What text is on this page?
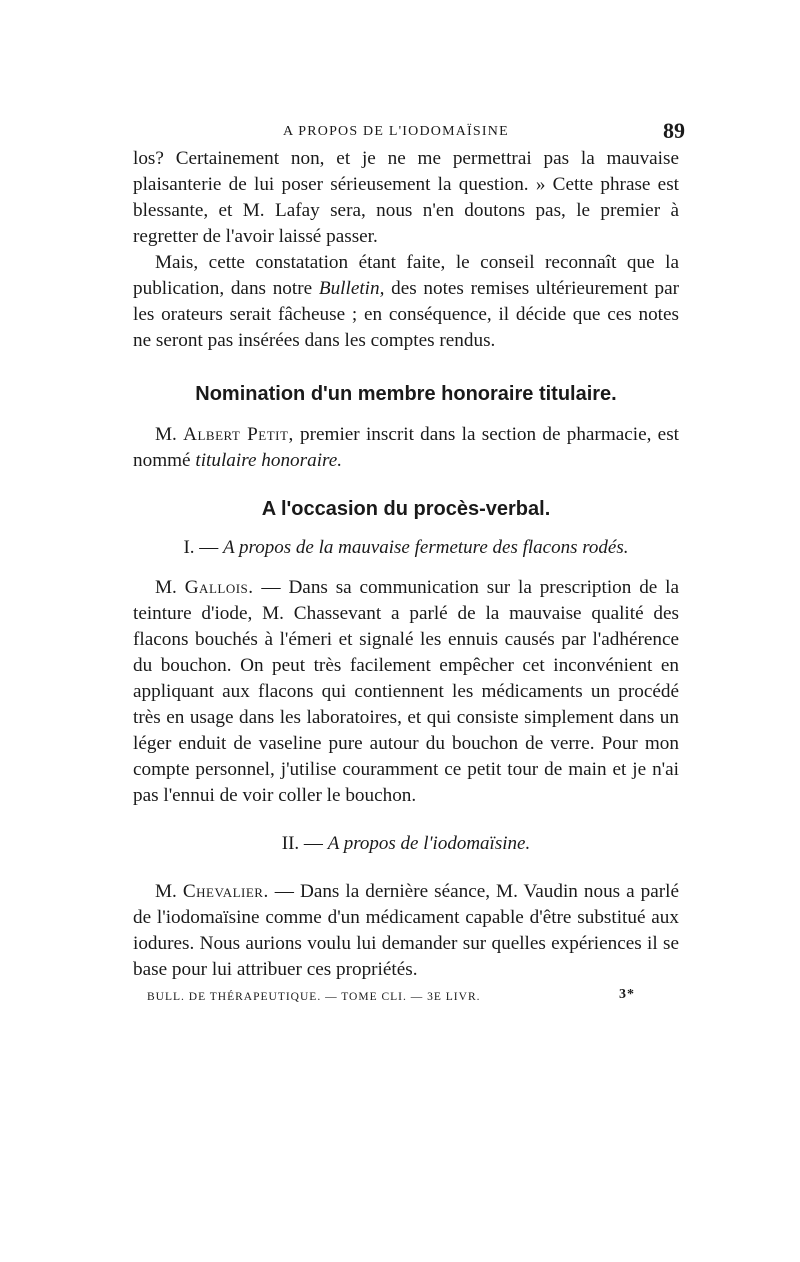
A PROPOS DE L'IODOMAÏSINE	89

los? Certainement non, et je ne me permettrai pas la mauvaise plaisanterie de lui poser sérieusement la question. » Cette phrase est blessante, et M. Lafay sera, nous n'en doutons pas, le premier à regretter de l'avoir laissé passer.

Mais, cette constatation étant faite, le conseil reconnaît que la publication, dans notre Bulletin, des notes remises ultérieurement par les orateurs serait fâcheuse ; en conséquence, il décide que ces notes ne seront pas insérées dans les comptes rendus.

Nomination d'un membre honoraire titulaire.

M. Albert Petit, premier inscrit dans la section de pharmacie, est nommé titulaire honoraire.

A l'occasion du procès-verbal.

I. — A propos de la mauvaise fermeture des flacons rodés.

M. Gallois. — Dans sa communication sur la prescription de la teinture d'iode, M. Chassevant a parlé de la mauvaise qualité des flacons bouchés à l'émeri et signalé les ennuis causés par l'adhérence du bouchon. On peut très facilement empêcher cet inconvénient en appliquant aux flacons qui contiennent les médicaments un procédé très en usage dans les laboratoires, et qui consiste simplement dans un léger enduit de vaseline pure autour du bouchon de verre. Pour mon compte personnel, j'utilise couramment ce petit tour de main et je n'ai pas l'ennui de voir coller le bouchon.

II. — A propos de l'iodomaïsine.

M. Chevalier. — Dans la dernière séance, M. Vaudin nous a parlé de l'iodomaïsine comme d'un médicament capable d'être substitué aux iodures. Nous aurions voulu lui demander sur quelles expériences il se base pour lui attribuer ces propriétés.

BULL. DE THÉRAPEUTIQUE. — TOME CLI. — 3E LIVR.	3*
